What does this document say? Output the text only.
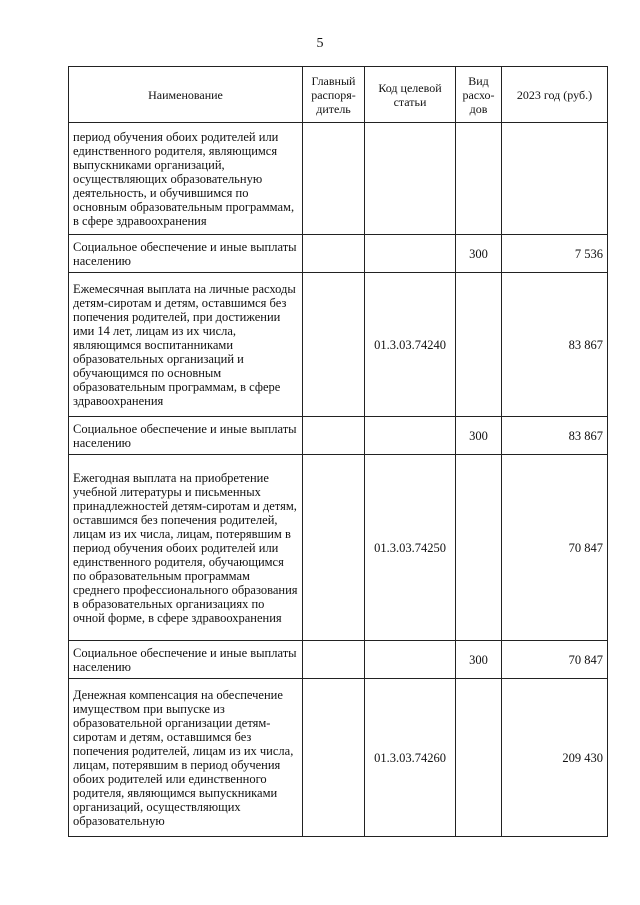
5
Наименование	Главный распоря-дитель	Код целевой статьи	Вид расхо-дов	2023 год (руб.)
период обучения обоих родителей или единственного родителя, являющимся выпускниками организаций, осуществляющих образовательную деятельность, и обучившимся по основным образовательным программам, в сфере здравоохранения				
Социальное обеспечение и иные выплаты населению			300	7 536
Ежемесячная выплата на личные расходы детям-сиротам и детям, оставшимся без попечения родителей, при достижении ими 14 лет, лицам из их числа, являющимся воспитанниками образовательных организаций и обучающимся по основным образовательным программам, в сфере здравоохранения		01.3.03.74240		83 867
Социальное обеспечение и иные выплаты населению			300	83 867
Ежегодная выплата на приобретение учебной литературы и письменных принадлежностей детям-сиротам и детям, оставшимся без попечения родителей, лицам из их числа, лицам, потерявшим в период обучения обоих родителей или единственного родителя, обучающимся по образовательным программам среднего профессионального образования в образовательных организациях по очной форме, в сфере здравоохранения		01.3.03.74250		70 847
Социальное обеспечение и иные выплаты населению			300	70 847
Денежная компенсация на обеспечение имуществом при выпуске из образовательной организации детям-сиротам и детям, оставшимся без попечения родителей, лицам из их числа, лицам, потерявшим в период обучения обоих родителей или единственного родителя, являющимся выпускниками организаций, осуществляющих образовательную		01.3.03.74260		209 430
